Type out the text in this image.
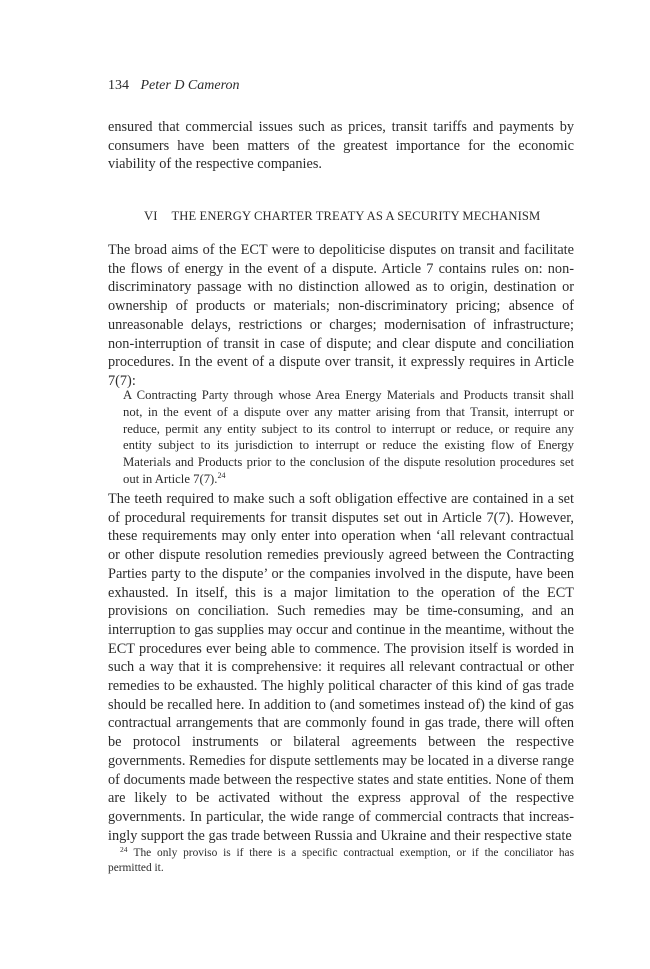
134 Peter D Cameron

ensured that commercial issues such as prices, transit tariffs and payments by consumers have been matters of the greatest importance for the economic viability of the respective companies.

VI THE ENERGY CHARTER TREATY AS A SECURITY MECHANISM

The broad aims of the ECT were to depoliticise disputes on transit and facilitate the flows of energy in the event of a dispute. Article 7 contains rules on: non-discriminatory passage with no distinction allowed as to origin, destination or ownership of products or materials; non-discriminatory pricing; absence of unreasonable delays, restrictions or charges; modernisation of infrastructure; non-interruption of transit in case of dispute; and clear dispute and conciliation procedures. In the event of a dispute over transit, it expressly requires in Article 7(7):

A Contracting Party through whose Area Energy Materials and Products transit shall not, in the event of a dispute over any matter arising from that Transit, interrupt or reduce, permit any entity subject to its control to interrupt or reduce, or require any entity subject to its jurisdiction to interrupt or reduce the existing flow of Energy Materials and Products prior to the conclusion of the dispute resolution procedures set out in Article 7(7).$^{24}$

The teeth required to make such a soft obligation effective are contained in a set of procedural requirements for transit disputes set out in Article 7(7). However, these requirements may only enter into operation when ‘all relevant contractual or other dispute resolution remedies previously agreed between the Contracting Parties party to the dispute’ or the companies involved in the dispute, have been exhausted. In itself, this is a major limitation to the operation of the ECT provisions on conciliation. Such remedies may be time-consuming, and an interruption to gas supplies may occur and continue in the meantime, without the ECT procedures ever being able to commence. The provision itself is worded in such a way that it is comprehensive: it requires all relevant contractual or other remedies to be exhausted. The highly political character of this kind of gas trade should be recalled here. In addition to (and sometimes instead of) the kind of gas contractual arrangements that are commonly found in gas trade, there will often be protocol instruments or bilateral agreements between the respective governments. Remedies for dispute settlements may be located in a diverse range of documents made between the respective states and state entities. None of them are likely to be activated without the express approval of the respective governments. In particular, the wide range of commercial contracts that increas-ingly support the gas trade between Russia and Ukraine and their respective state

$^{24}$ The only proviso is if there is a specific contractual exemption, or if the conciliator has permitted it.
